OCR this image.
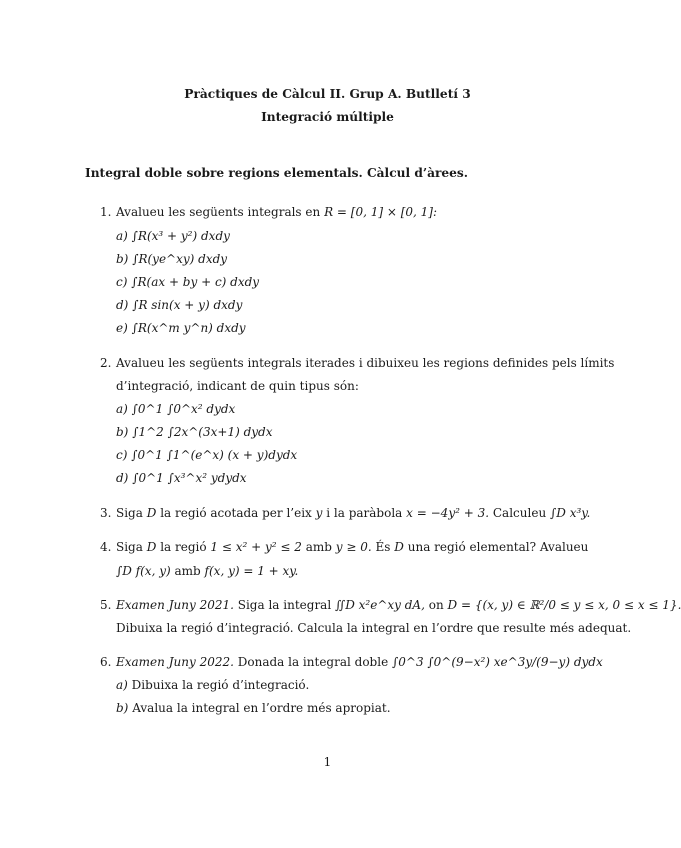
Pràctiques de Càlcul II. Grup A. Butlletí 3
Integració múltiple
Integral doble sobre regions elementals. Càlcul d’àrees.
1. Avalueu les següents integrals en R = [0, 1] × [0, 1]:
a) ∫R(x³ + y²) dxdy
b) ∫R(ye^xy) dxdy
c) ∫R(ax + by + c) dxdy
d) ∫R sin(x + y) dxdy
e) ∫R(x^m y^n) dxdy
2. Avalueu les següents integrals iterades i dibuixeu les regions definides pels límits
d’integració, indicant de quin tipus són:
a) ∫0^1 ∫0^x² dydx
b) ∫1^2 ∫2x^(3x+1) dydx
c) ∫0^1 ∫1^(e^x) (x + y)dydx
d) ∫0^1 ∫x³^x² ydydx
3. Siga D la regió acotada per l’eix y i la paràbola x = −4y² + 3. Calculeu ∫D x³y.
4. Siga D la regió 1 ≤ x² + y² ≤ 2 amb y ≥ 0. És D una regió elemental? Avalueu
∫D f(x, y) amb f(x, y) = 1 + xy.
5. Examen Juny 2021. Siga la integral ∬D x²e^xy dA, on D = {(x, y) ∈ ℝ²/0 ≤ y ≤ x, 0 ≤ x ≤ 1}.
Dibuixa la regió d’integració. Calcula la integral en l’ordre que resulte més adequat.
6. Examen Juny 2022. Donada la integral doble ∫0^3 ∫0^(9−x²) xe^3y/(9−y) dydx
a) Dibuixa la regió d’integració.
b) Avalua la integral en l’ordre més apropiat.
1
